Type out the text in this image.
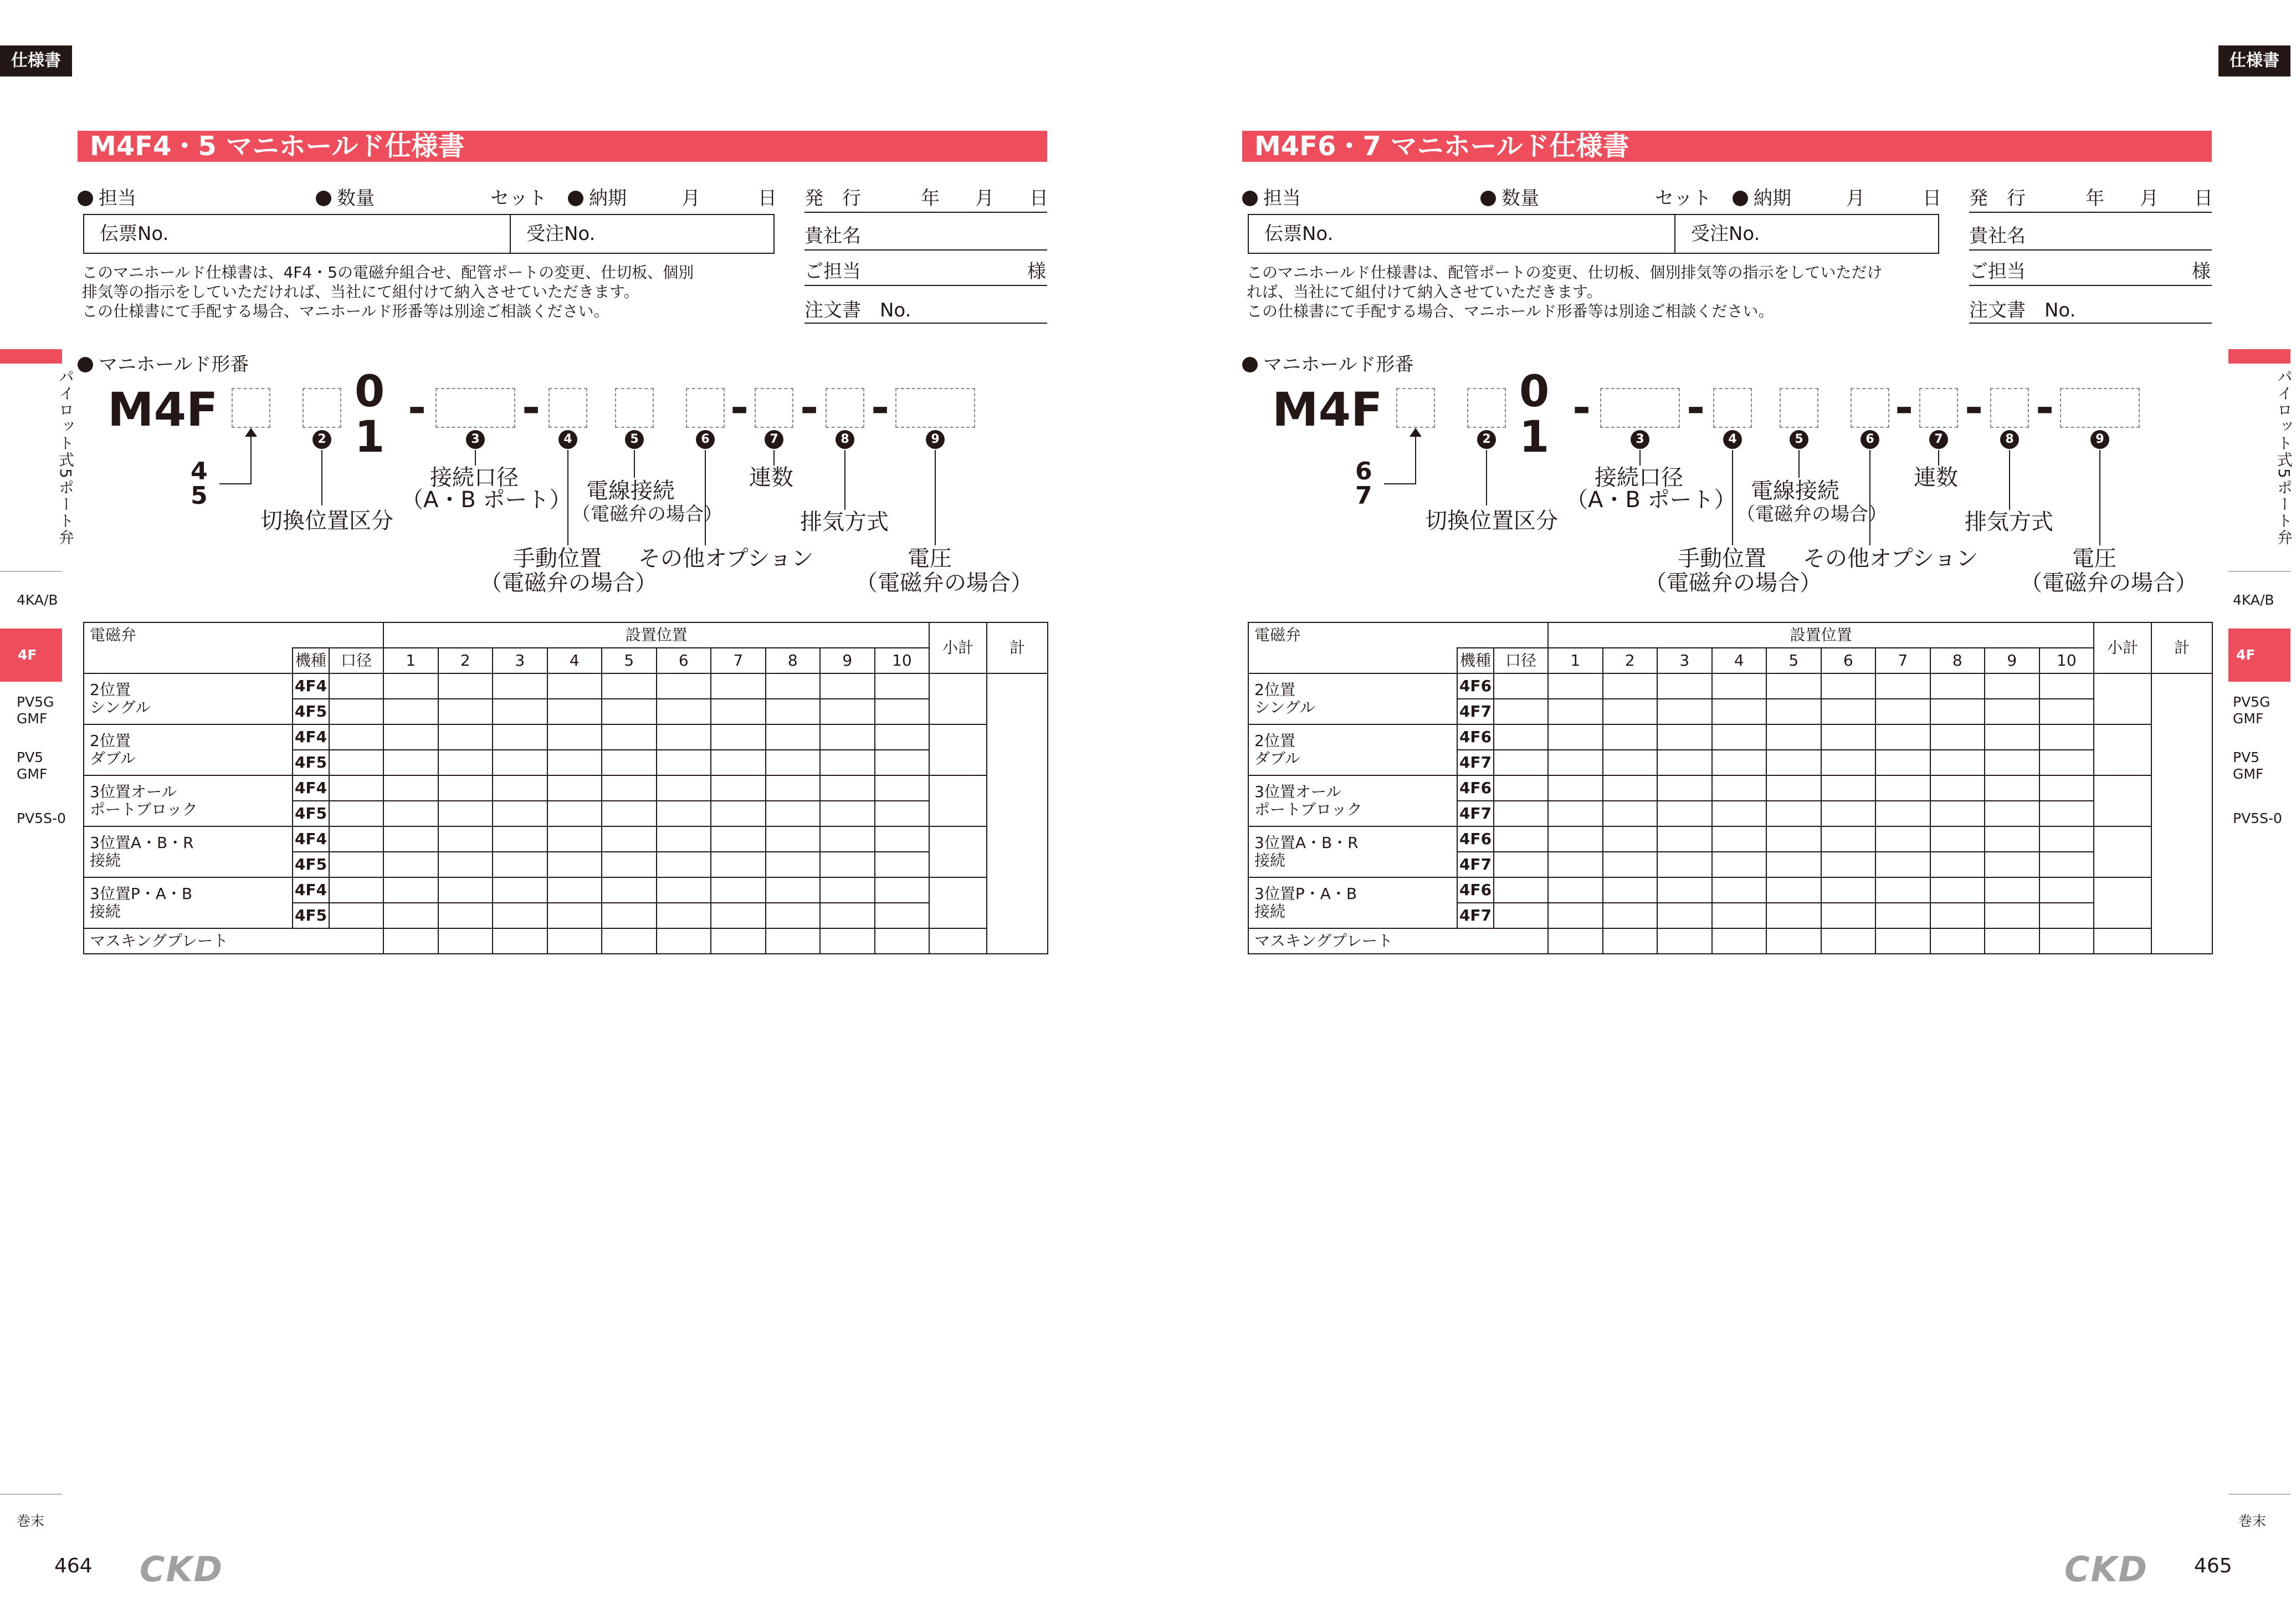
仕様書	仕様書
パイロット式5ポート弁
4KA/B
4F
PV5G
GMF
PV5
GMF
PV5S-0
巻末
パイロット式5ポート弁
4KA/B
4F
PV5G
GMF
PV5
GMF
PV5S-0
巻末
464 CKD	CKD 465
M4F4・5 マニホールド仕様書
担当	数量	セット	納期	月	日
伝票No.	受注No.
発　行	年 月 日
貴社名
ご担当	様
注文書　No.
このマニホールド仕様書は、4F4・5の電磁弁組合せ、配管ポートの変更、仕切板、個別
排気等の指示をしていただければ、当社にて組付けて納入させていただきます。
この仕様書にて手配する場合、マニホールド形番等は別途ご相談ください。
マニホールド形番
M4F	0
1
- -	- - -
4
5
2	3	4	5	6	7	8	9
切換位置区分
接続口径
（A・B ポート） 電線接続
（電磁弁の場合）
連数
手動位置
（電磁弁の場合）
その他オプション
排気方式
電圧
（電磁弁の場合）
電磁弁			設置位置										小計	計
	機種	口径	1	2	3	4	5	6	7	8	9	10		

2位置
シングル	4F4													
	4F5													

2位置
ダブル	4F4													
	4F5													

3位置オール
ポートブロック	4F4													
	4F5													

3位置A・B・R
接続	4F4													
	4F5													

3位置P・A・B
接続	4F4													
	4F5													
マスキングプレート														
M4F6・7 マニホールド仕様書
担当	数量	セット	納期	月	日
伝票No.	受注No.
発　行	年 月 日
貴社名
ご担当	様
注文書　No.
このマニホールド仕様書は、配管ポートの変更、仕切板、個別排気等の指示をしていただけ
れば、当社にて組付けて納入させていただきます。
この仕様書にて手配する場合、マニホールド形番等は別途ご相談ください。
マニホールド形番
M4F	0
1
- -	- - -
6
7
2	3	4	5	6	7	8	9
切換位置区分
接続口径
（A・B ポート） 電線接続
（電磁弁の場合）
連数
手動位置
（電磁弁の場合）
その他オプション
排気方式
電圧
（電磁弁の場合）
電磁弁			設置位置										小計	計
	機種	口径	1	2	3	4	5	6	7	8	9	10		

2位置
シングル	4F6													
	4F7													

2位置
ダブル	4F6													
	4F7													

3位置オール
ポートブロック	4F6													
	4F7													

3位置A・B・R
接続	4F6													
	4F7													

3位置P・A・B
接続	4F6													
	4F7													
マスキングプレート														
